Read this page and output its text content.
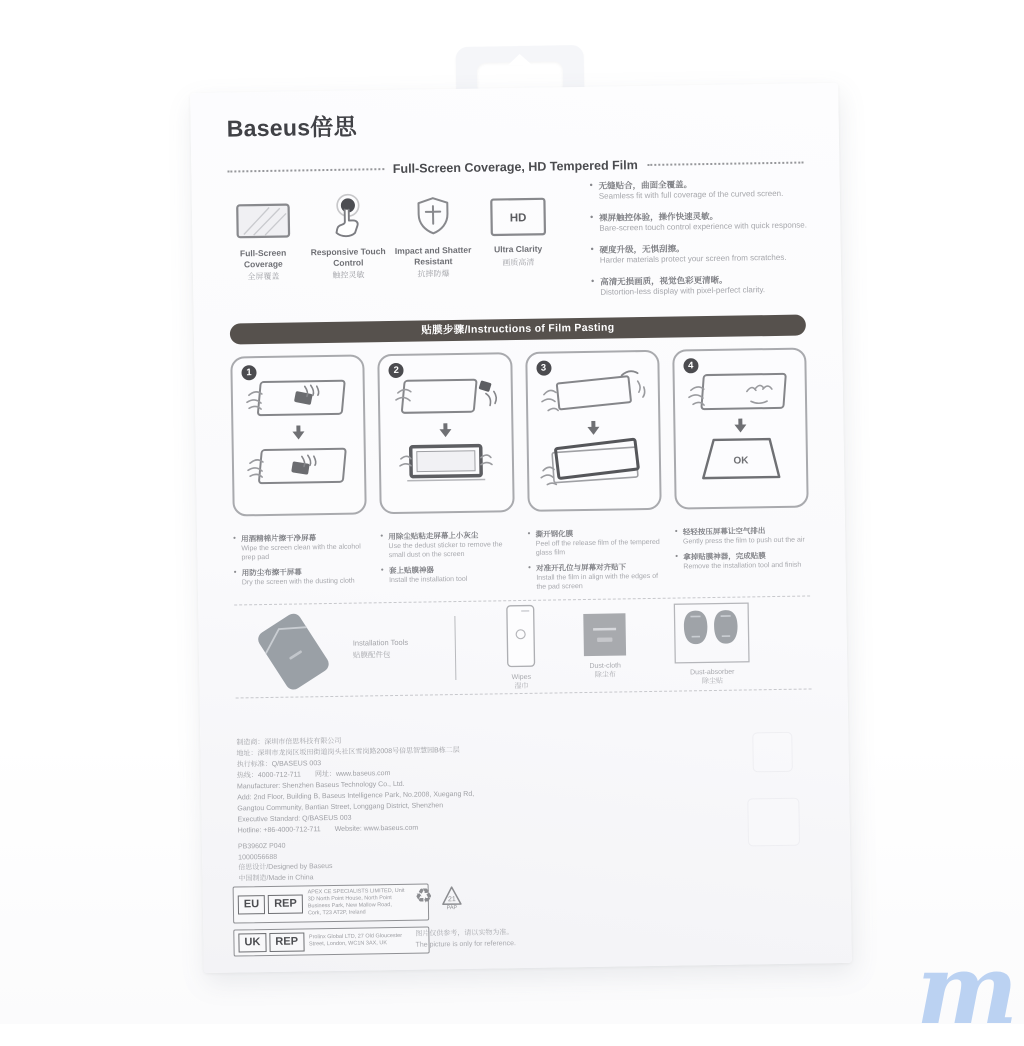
Baseus倍思
Full-Screen Coverage, HD Tempered Film
Full-Screen Coverage
全屏覆盖
Responsive Touch Control
触控灵敏
Impact and Shatter Resistant
抗摔防爆
HD
Ultra Clarity
画质高清
• 无缝贴合，曲面全覆盖。
Seamless fit with full coverage of the curved screen.
• 裸屏触控体验，操作快速灵敏。
Bare-screen touch control experience with quick response.
• 硬度升级，无惧刮擦。
Harder materials protect your screen from scratches.
• 高清无损画质，视觉色彩更清晰。
Distortion-less display with pixel-perfect clarity.
贴膜步骤/Instructions of Film Pasting
1	2	3	4
OK
• 用酒精棉片擦干净屏幕
Wipe the screen clean with the alcohol prep pad
• 用防尘布擦干屏幕
Dry the screen with the dusting cloth
• 用除尘贴粘走屏幕上小灰尘
Use the dedust sticker to remove the small dust on the screen
• 套上贴膜神器
Install the installation tool
• 撕开钢化膜
Peel off the release film of the tempered glass film
• 对准开孔位与屏幕对齐贴下
Install the film in align with the edges of the pad screen
• 轻轻按压屏幕让空气排出
Gently press the film to push out the air
• 拿掉贴膜神器，完成贴膜
Remove the installation tool and finish
Installation Tools
贴膜配件包
Wipes
湿巾
Dust-cloth
除尘布	Dust-absorber
除尘贴
制造商：深圳市倍思科技有限公司
地址：深圳市龙岗区坂田街道岗头社区雪岗路2008号倍思智慧园B栋二层
执行标准：Q/BASEUS 003
热线：4000-712-711　　网址：www.baseus.com
Manufacturer: Shenzhen Baseus Technology Co., Ltd.
Add: 2nd Floor, Building B, Baseus Intelligence Park, No.2008, Xuegang Rd,
Gangtou Community, Bantian Street, Longgang District, Shenzhen
Executive Standard: Q/BASEUS 003
Hotline: +86-4000-712-711　　Website: www.baseus.com
PB3960Z P040
1000056688
倍思设计/Designed by Baseus
中国制造/Made in China
EU	REP
APEX CE SPECIALISTS LIMITED, Unit 3D North Point House, North Point Business Park, New Mallow Road, Cork, T23 AT2P, Ireland
UK	REP	Prolinx Global LTD, 27 Old Gloucester Street, London, WC1N 3AX, UK
♻ 21
PAP
图片仅供参考，请以实物为准。
The picture is only for reference.	m
